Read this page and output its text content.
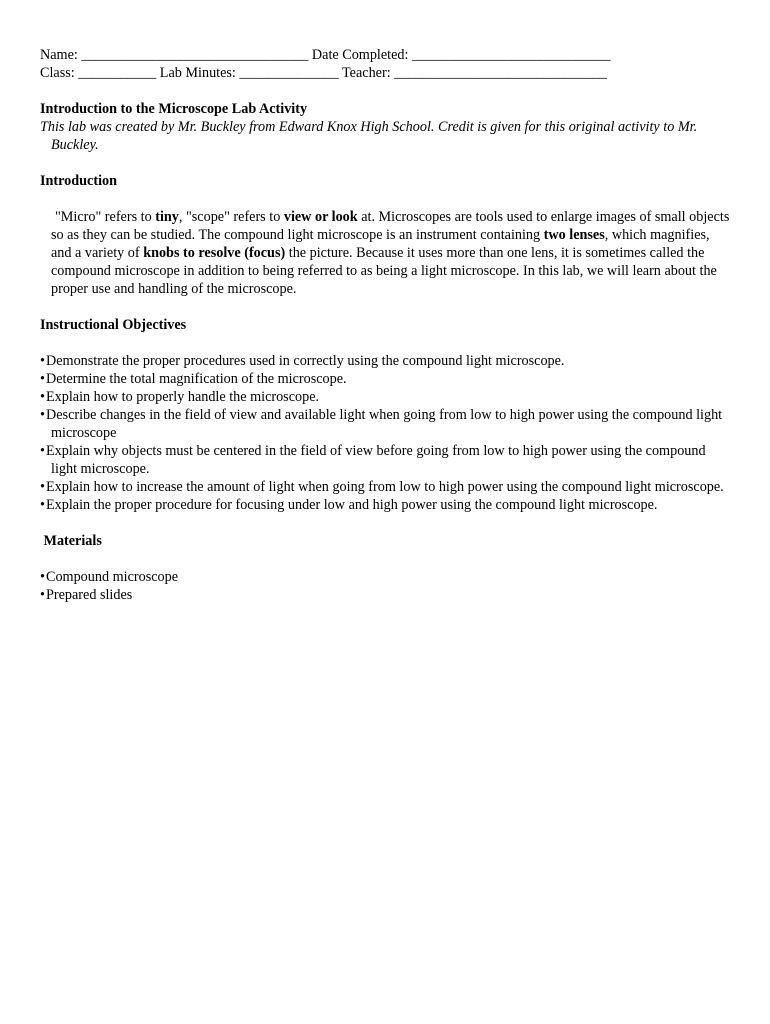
Name: ________________________________ Date Completed: ____________________________
Class: ___________ Lab Minutes: ______________ Teacher: ______________________________
Introduction to the Microscope Lab Activity
This lab was created by Mr. Buckley from Edward Knox High School. Credit is given for this original activity to Mr. Buckley.
Introduction
"Micro" refers to tiny, "scope" refers to view or look at. Microscopes are tools used to enlarge images of small objects so as they can be studied. The compound light microscope is an instrument containing two lenses, which magnifies, and a variety of knobs to resolve (focus) the picture. Because it uses more than one lens, it is sometimes called the compound microscope in addition to being referred to as being a light microscope. In this lab, we will learn about the proper use and handling of the microscope.
Instructional Objectives
•Demonstrate the proper procedures used in correctly using the compound light microscope.
•Determine the total magnification of the microscope.
•Explain how to properly handle the microscope.
•Describe changes in the field of view and available light when going from low to high power using the compound light microscope
•Explain why objects must be centered in the field of view before going from low to high power using the compound light microscope.
•Explain how to increase the amount of light when going from low to high power using the compound light microscope.
•Explain the proper procedure for focusing under low and high power using the compound light microscope.
Materials
•Compound microscope
•Prepared slides
